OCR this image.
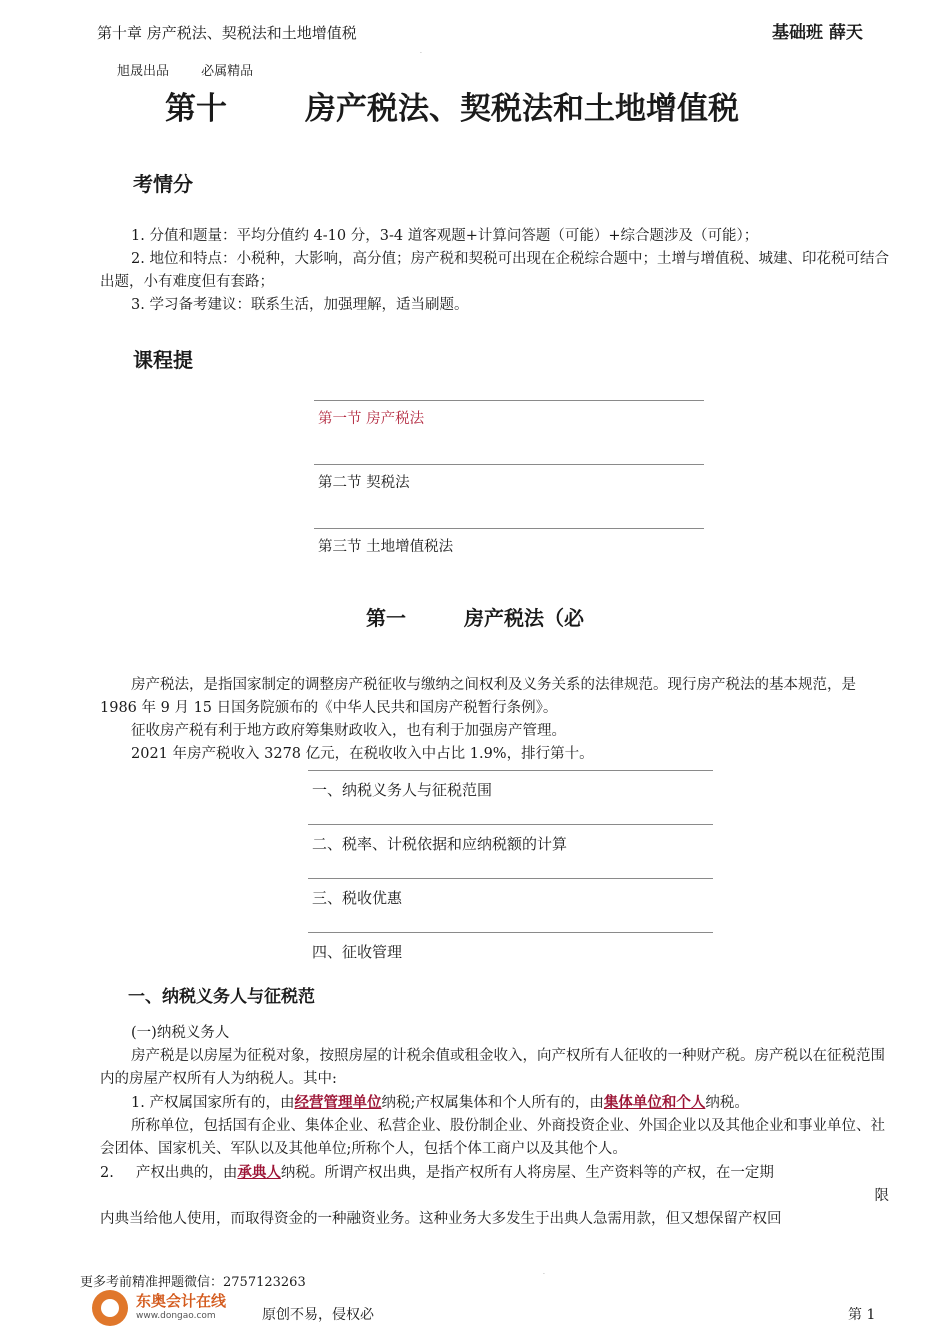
第十章 房产税法、契税法和土地增值税	基础班 薛天
·
旭晟出品 必属精品
第十	房产税法、契税法和土地增值税
考情分

1. 分值和题量：平均分值约 4-10 分，3-4 道客观题+计算问答题（可能）+综合题涉及（可能）；

2. 地位和特点：小税种，大影响，高分值；房产税和契税可出现在企税综合题中；土增与增值税、城建、印花税可结合出题，小有难度但有套路；

3. 学习备考建议：联系生活，加强理解，适当刷题。

课程提
第一节 房产税法
第二节 契税法
第三节 土地增值税法
第一	房产税法（必

房产税法，是指国家制定的调整房产税征收与缴纳之间权利及义务关系的法律规范。现行房产税法的基本规范，是 1986 年 9 月 15 日国务院颁布的《中华人民共和国房产税暂行条例》。

征收房产税有利于地方政府筹集财政收入，也有利于加强房产管理。

2021 年房产税收入 3278 亿元，在税收收入中占比 1.9%，排行第十。

一、纳税义务人与征税范围
二、税率、计税依据和应纳税额的计算
三、税收优惠
四、征收管理
一、纳税义务人与征税范

(一)纳税义务人

房产税是以房屋为征税对象，按照房屋的计税余值或租金收入，向产权所有人征收的一种财产税。房产税以在征税范围内的房屋产权所有人为纳税人。其中:

1. 产权属国家所有的，由经营管理单位纳税;产权属集体和个人所有的，由集体单位和个人纳税。

所称单位，包括国有企业、集体企业、私营企业、股份制企业、外商投资企业、外国企业以及其他企业和事业单位、社会团体、国家机关、军队以及其他单位;所称个人，包括个体工商户以及其他个人。

2. 产权出典的，由承典人纳税。所谓产权出典，是指产权所有人将房屋、生产资料等的产权，在一定期

限

内典当给他人使用，而取得资金的一种融资业务。这种业务大多发生于出典人急需用款，但又想保留产权回

更多考前精准押题微信：2757123263
·
东奥会计在线
www.dongao.com	原创不易，侵权必	第 1
